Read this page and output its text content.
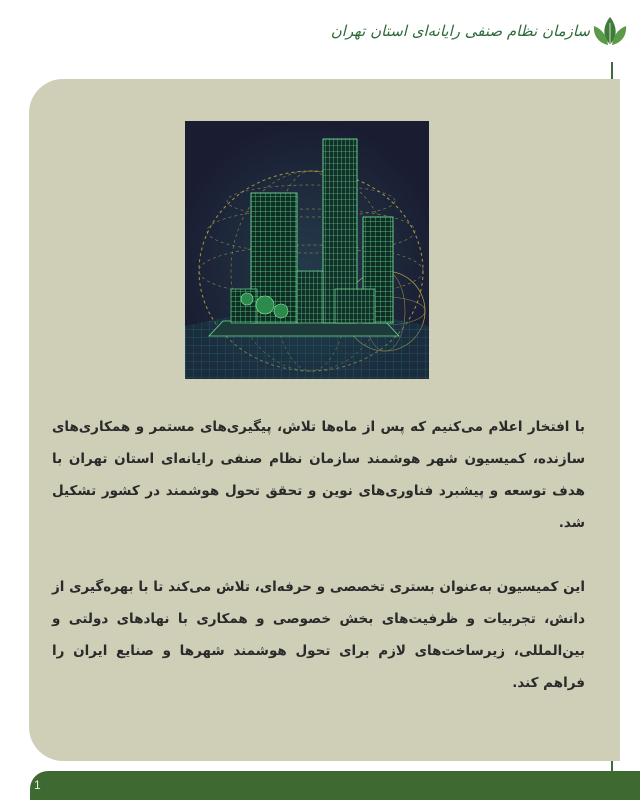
سازمان نظام صنفی رایانه‌ای استان تهران

با افتخار اعلام می‌کنیم که پس از ماه‌ها تلاش، پیگیری‌های مستمر و همکاری‌های سازنده، کمیسیون شهر هوشمند سازمان نظام صنفی رایانه‌ای استان تهران با هدف توسعه و پیشبرد فناوری‌های نوین و تحقق تحول هوشمند در کشور تشکیل شد.

این کمیسیون به‌عنوان بستری تخصصی و حرفه‌ای، تلاش می‌کند تا با بهره‌گیری از دانش، تجربیات و ظرفیت‌های بخش خصوصی و همکاری با نهادهای دولتی و بین‌المللی، زیرساخت‌های لازم برای تحول هوشمند شهرها و صنایع ایران را فراهم کند.

1
